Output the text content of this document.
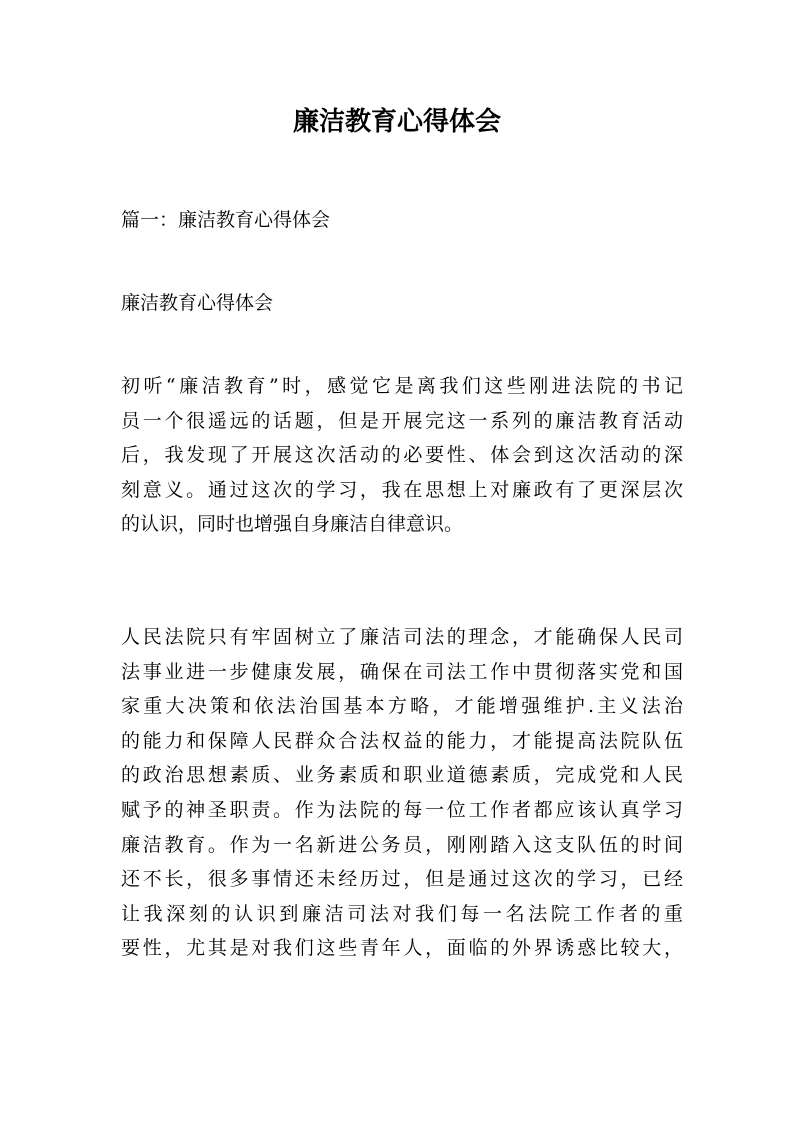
廉洁教育心得体会

篇一：廉洁教育心得体会

廉洁教育心得体会

初听“廉洁教育”时，感觉它是离我们这些刚进法院的书记
员一个很遥远的话题，但是开展完这一系列的廉洁教育活动
后，我发现了开展这次活动的必要性、体会到这次活动的深
刻意义。通过这次的学习，我在思想上对廉政有了更深层次
的认识，同时也增强自身廉洁自律意识。
人民法院只有牢固树立了廉洁司法的理念，才能确保人民司
法事业进一步健康发展，确保在司法工作中贯彻落实党和国
家重大决策和依法治国基本方略，才能增强维护.主义法治
的能力和保障人民群众合法权益的能力，才能提高法院队伍
的政治思想素质、业务素质和职业道德素质，完成党和人民
赋予的神圣职责。作为法院的每一位工作者都应该认真学习
廉洁教育。作为一名新进公务员，刚刚踏入这支队伍的时间
还不长，很多事情还未经历过，但是通过这次的学习，已经
让我深刻的认识到廉洁司法对我们每一名法院工作者的重
要性，尤其是对我们这些青年人，面临的外界诱惑比较大，
